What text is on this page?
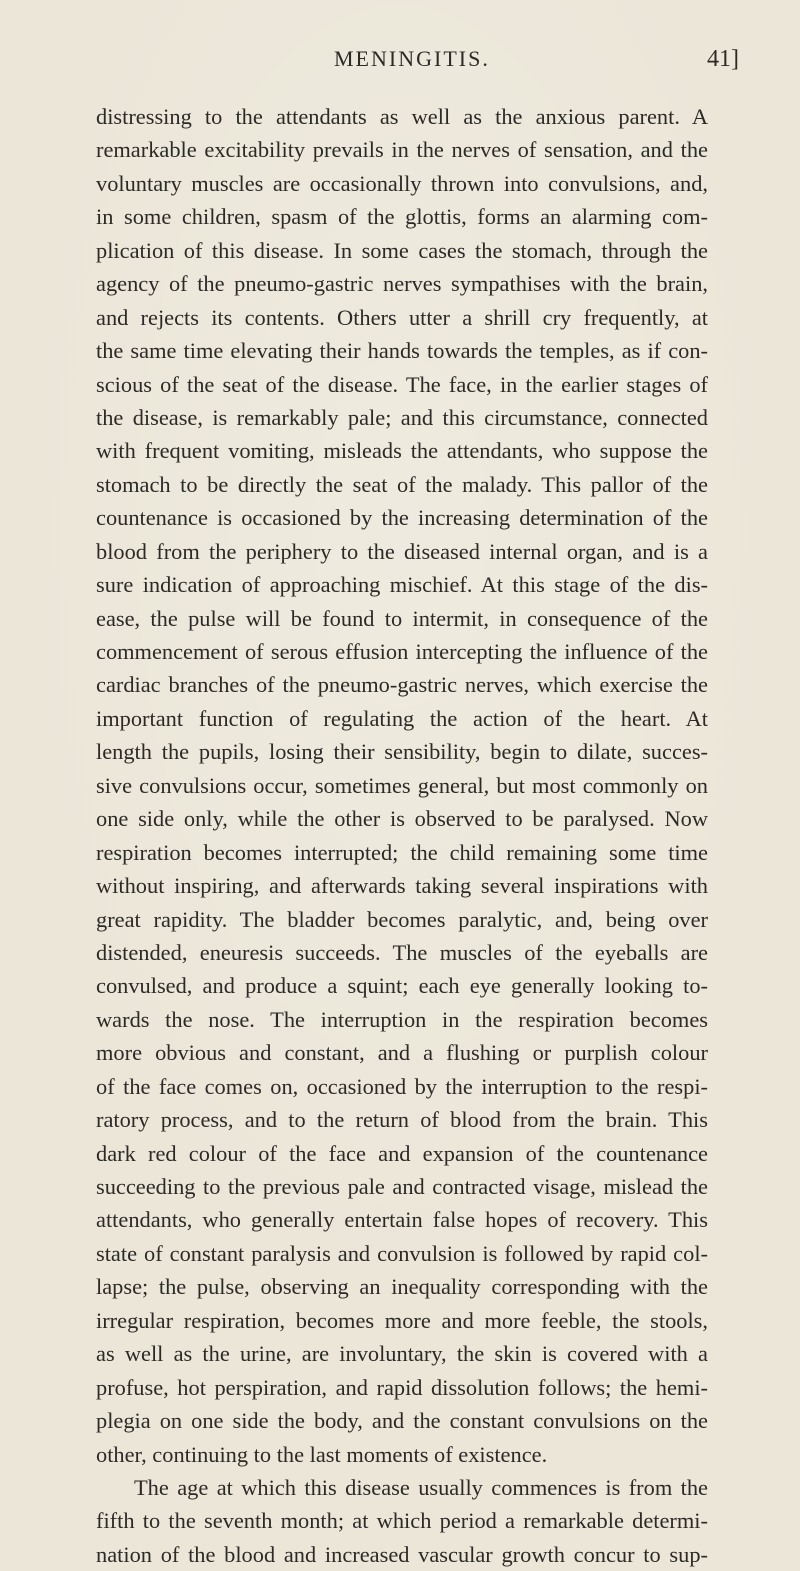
MENINGITIS.	41]
distressing to the attendants as well as the anxious parent. A
remarkable excitability prevails in the nerves of sensation, and the
voluntary muscles are occasionally thrown into convulsions, and,
in some children, spasm of the glottis, forms an alarming com-
plication of this disease. In some cases the stomach, through the
agency of the pneumo-gastric nerves sympathises with the brain,
and rejects its contents. Others utter a shrill cry frequently, at
the same time elevating their hands towards the temples, as if con-
scious of the seat of the disease. The face, in the earlier stages of
the disease, is remarkably pale; and this circumstance, connected
with frequent vomiting, misleads the attendants, who suppose the
stomach to be directly the seat of the malady. This pallor of the
countenance is occasioned by the increasing determination of the
blood from the periphery to the diseased internal organ, and is a
sure indication of approaching mischief. At this stage of the dis-
ease, the pulse will be found to intermit, in consequence of the
commencement of serous effusion intercepting the influence of the
cardiac branches of the pneumo-gastric nerves, which exercise the
important function of regulating the action of the heart. At
length the pupils, losing their sensibility, begin to dilate, succes-
sive convulsions occur, sometimes general, but most commonly on
one side only, while the other is observed to be paralysed. Now
respiration becomes interrupted; the child remaining some time
without inspiring, and afterwards taking several inspirations with
great rapidity. The bladder becomes paralytic, and, being over
distended, eneuresis succeeds. The muscles of the eyeballs are
convulsed, and produce a squint; each eye generally looking to-
wards the nose. The interruption in the respiration becomes
more obvious and constant, and a flushing or purplish colour
of the face comes on, occasioned by the interruption to the respi-
ratory process, and to the return of blood from the brain. This
dark red colour of the face and expansion of the countenance
succeeding to the previous pale and contracted visage, mislead the
attendants, who generally entertain false hopes of recovery. This
state of constant paralysis and convulsion is followed by rapid col-
lapse; the pulse, observing an inequality corresponding with the
irregular respiration, becomes more and more feeble, the stools,
as well as the urine, are involuntary, the skin is covered with a
profuse, hot perspiration, and rapid dissolution follows; the hemi-
plegia on one side the body, and the constant convulsions on the
other, continuing to the last moments of existence.
The age at which this disease usually commences is from the
fifth to the seventh month; at which period a remarkable determi-
nation of the blood and increased vascular growth concur to sup-
